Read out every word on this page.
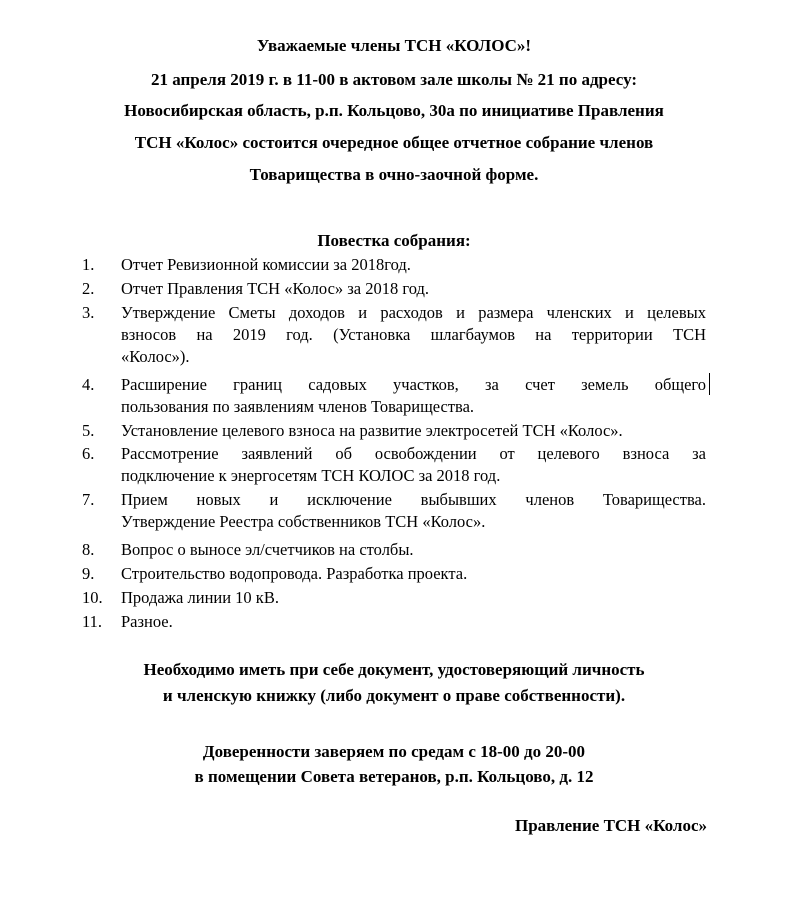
Уважаемые члены ТСН «КОЛОС»!
21 апреля 2019 г. в 11-00 в актовом зале школы № 21 по адресу:
Новосибирская область, р.п. Кольцово, 30а по инициативе Правления
ТСН «Колос» состоится очередное общее отчетное собрание членов
Товарищества в очно-заочной форме.
Повестка собрания:
1.	Отчет Ревизионной комиссии за 2018год.
2.	Отчет Правления ТСН «Колос» за 2018 год.
3.	Утверждение Сметы доходов и расходов и размера членских и целевых
взносов на 2019 год. (Установка шлагбаумов на территории ТСН
«Колос»).
4.	Расширение границ садовых участков, за счет земель общего
пользования по заявлениям членов Товарищества.
5.	Установление целевого взноса на развитие электросетей ТСН «Колос».
6.	Рассмотрение заявлений об освобождении от целевого взноса за
подключение к энергосетям ТСН КОЛОС за 2018 год.
7.	Прием новых и исключение выбывших членов Товарищества.
Утверждение Реестра собственников ТСН «Колос».
8.	Вопрос о выносе эл/счетчиков на столбы.
9.	Строительство водопровода. Разработка проекта.
10.	Продажа линии 10 кВ.
11.	Разное.
Необходимо иметь при себе документ, удостоверяющий личность
и членскую книжку (либо документ о праве собственности).
Доверенности заверяем по средам с 18-00 до 20-00
в помещении Совета ветеранов, р.п. Кольцово, д. 12
Правление ТСН «Колос»
